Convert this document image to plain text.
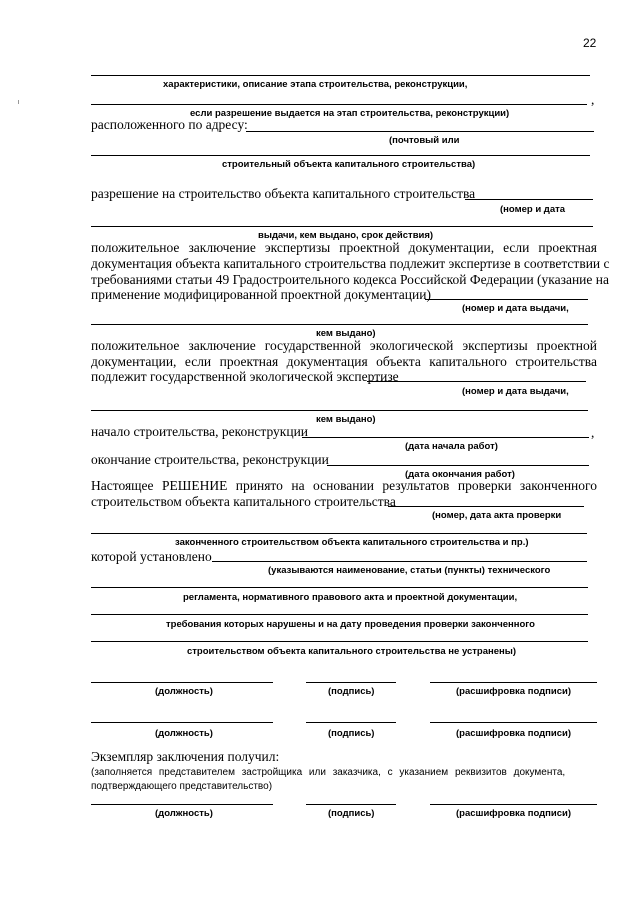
22
характеристики, описание этапа строительства, реконструкции,
,
если разрешение выдается на этап строительства, реконструкции)
расположенного по адресу:
(почтовый или
строительный объекта капитального строительства)
разрешение на строительство объекта капитального строительства
(номер и дата
выдачи, кем выдано, срок действия)
положительное заключение экспертизы проектной документации, если проектная
документация объекта капитального строительства подлежит экспертизе в соответствии с
требованиями статьи 49 Градостроительного кодекса Российской Федерации (указание на
применение модифицированной проектной документации)
(номер и дата выдачи,
кем выдано)
положительное заключение государственной экологической экспертизы проектной
документации, если проектная документация объекта капитального строительства
подлежит государственной экологической экспертизе
(номер и дата выдачи,
кем выдано)
начало строительства, реконструкции	,
(дата начала работ)
окончание строительства, реконструкции
(дата окончания работ)
Настоящее РЕШЕНИЕ принято на основании результатов проверки законченного
строительством объекта капитального строительства
(номер, дата акта проверки
законченного строительством объекта капитального строительства и пр.)
которой установлено
(указываются наименование, статьи (пункты) технического
регламента, нормативного правового акта и проектной документации,
требования которых нарушены и на дату проведения проверки законченного
строительством объекта капитального строительства не устранены)
(должность)	(подпись)	(расшифровка подписи)
(должность)	(подпись)	(расшифровка подписи)
Экземпляр заключения получил:
(заполняется представителем застройщика или заказчика, с указанием реквизитов документа,
подтверждающего представительство)
(должность)	(подпись)	(расшифровка подписи)
